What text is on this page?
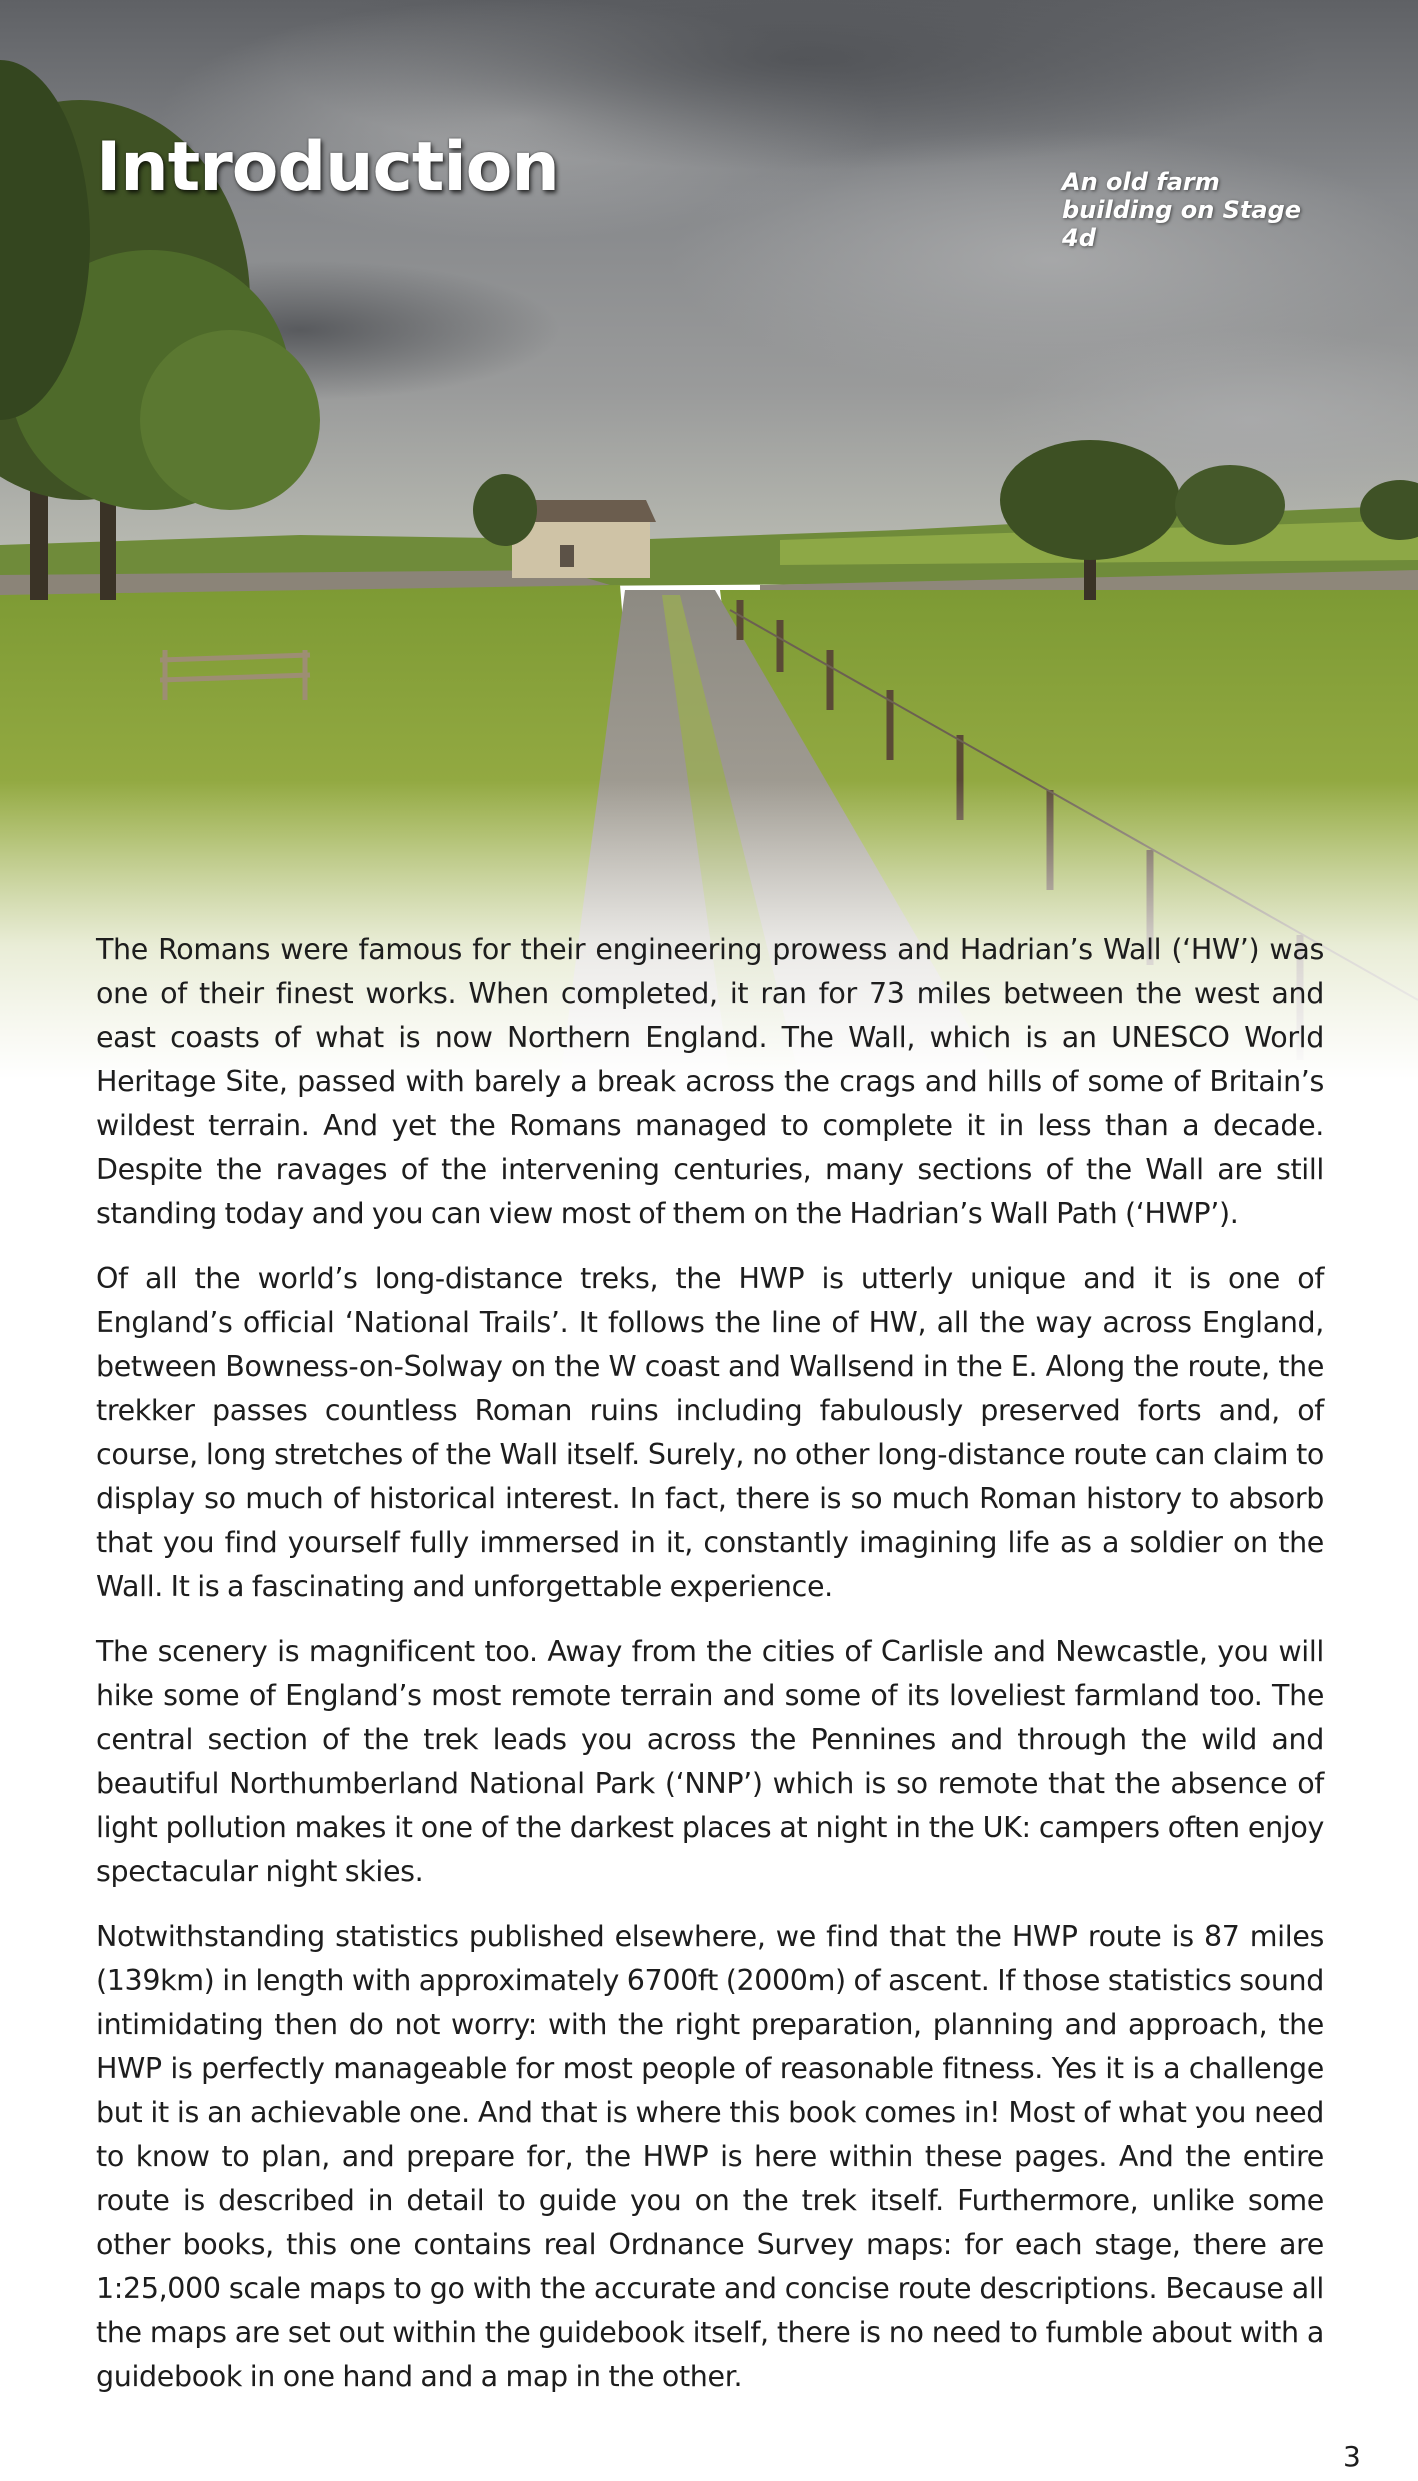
Introduction	An old farm building on Stage 4d

The Romans were famous for their engineering prowess and Hadrian’s Wall (‘HW’) was one of their finest works. When completed, it ran for 73 miles between the west and east coasts of what is now Northern England. The Wall, which is an UNESCO World Heritage Site, passed with barely a break across the crags and hills of some of Britain’s wildest terrain. And yet the Romans managed to complete it in less than a decade. Despite the ravages of the intervening centuries, many sections of the Wall are still standing today and you can view most of them on the Hadrian’s Wall Path (‘HWP’).

Of all the world’s long-distance treks, the HWP is utterly unique and it is one of England’s official ‘National Trails’. It follows the line of HW, all the way across England, between Bowness-on-Solway on the W coast and Wallsend in the E. Along the route, the trekker passes countless Roman ruins including fabulously preserved forts and, of course, long stretches of the Wall itself. Surely, no other long-distance route can claim to display so much of historical interest. In fact, there is so much Roman history to absorb that you find yourself fully immersed in it, constantly imagining life as a soldier on the Wall. It is a fascinating and unforgettable experience.

The scenery is magnificent too. Away from the cities of Carlisle and Newcastle, you will hike some of England’s most remote terrain and some of its loveliest farmland too. The central section of the trek leads you across the Pennines and through the wild and beautiful Northumberland National Park (‘NNP’) which is so remote that the absence of light pollution makes it one of the darkest places at night in the UK: campers often enjoy spectacular night skies.

Notwithstanding statistics published elsewhere, we find that the HWP route is 87 miles (139km) in length with approximately 6700ft (2000m) of ascent. If those statistics sound intimidating then do not worry: with the right preparation, planning and approach, the HWP is perfectly manageable for most people of reasonable fitness. Yes it is a challenge but it is an achievable one. And that is where this book comes in! Most of what you need to know to plan, and prepare for, the HWP is here within these pages. And the entire route is described in detail to guide you on the trek itself. Furthermore, unlike some other books, this one contains real Ordnance Survey maps: for each stage, there are 1:25,000 scale maps to go with the accurate and concise route descriptions. Because all the maps are set out within the guidebook itself, there is no need to fumble about with a guidebook in one hand and a map in the other.

3
